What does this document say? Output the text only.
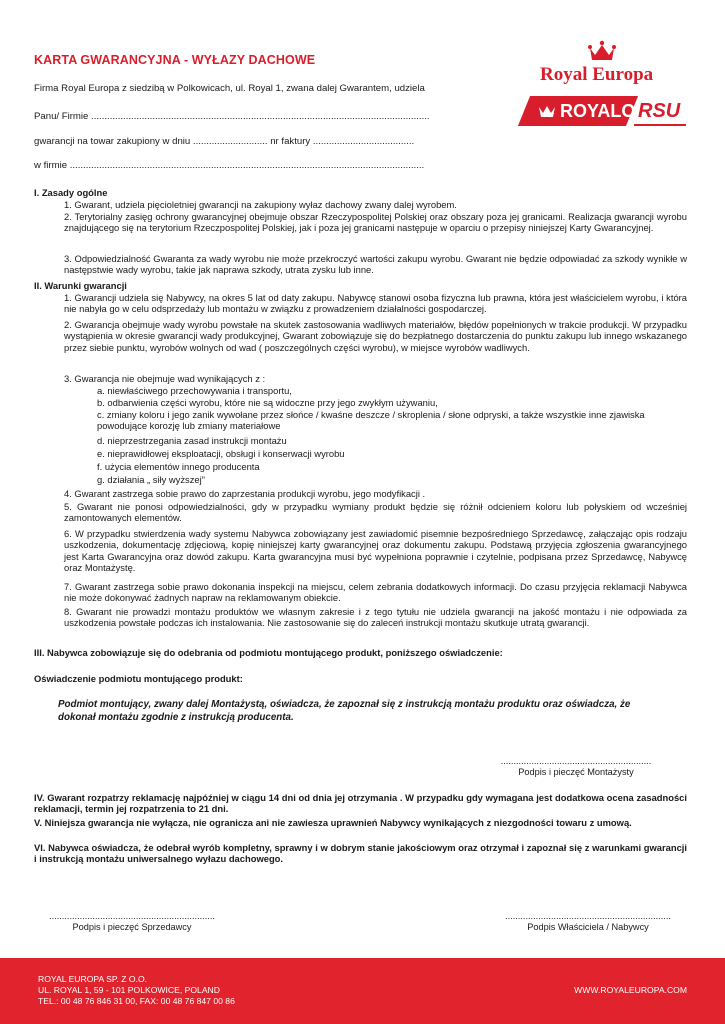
KARTA GWARANCYJNA - WYŁAZY DACHOWE
Royal Europa
ROYALO RSU
Firma Royal Europa z siedzibą w Polkowicach, ul. Royal 1, zwana dalej Gwarantem, udziela
Panu/ Firmie ...............................................................................................................................
gwarancji na towar zakupiony w dniu ............................ nr faktury ......................................
w firmie .....................................................................................................................................
I. Zasady ogólne
1. Gwarant, udziela pięcioletniej gwarancji na zakupiony wyłaz dachowy zwany dalej wyrobem.
2. Terytorialny zasięg ochrony gwarancyjnej obejmuje obszar Rzeczypospolitej Polskiej oraz obszary poza jej granicami. Realizacja gwarancji wyrobu znajdującego się na terytorium Rzeczpospolitej Polskiej, jak i poza jej granicami następuje w oparciu o przepisy niniejszej Karty Gwarancyjnej.
3. Odpowiedzialność Gwaranta za wady wyrobu nie może przekroczyć wartości zakupu wyrobu. Gwarant nie będzie odpowiadać za szkody wynikłe w następstwie wady wyrobu, takie jak naprawa szkody, utrata zysku lub inne.
II. Warunki gwarancji
1. Gwarancji udziela się Nabywcy, na okres 5 lat od daty zakupu. Nabywcę stanowi osoba fizyczna lub prawna, która jest właścicielem wyrobu, i która nie nabyła go w celu odsprzedaży lub montażu w związku z prowadzeniem działalności gospodarczej.
2. Gwarancja obejmuje wady wyrobu powstałe na skutek zastosowania wadliwych materiałów, błędów popełnionych w trakcie produkcji. W przypadku wystąpienia w okresie gwarancji wady produkcyjnej, Gwarant zobowiązuje się do bezpłatnego dostarczenia do punktu zakupu lub innego wskazanego przez siebie punktu, wyrobów wolnych od wad ( poszczególnych części wyrobu), w miejsce wyrobów wadliwych.
3. Gwarancja nie obejmuje wad wynikających z :
a. niewłaściwego przechowywania i transportu,
b. odbarwienia części wyrobu, które nie są widoczne przy jego zwykłym używaniu,
c. zmiany koloru i jego zanik wywołane przez słońce / kwaśne deszcze / skroplenia / słone odpryski, a także wszystkie inne zjawiska powodujące korozję lub zmiany materiałowe
d. nieprzestrzegania zasad instrukcji montażu
e. nieprawidłowej eksploatacji, obsługi i konserwacji wyrobu
f. użycia elementów innego producenta
g. działania „ siły wyższej”
4. Gwarant zastrzega sobie prawo do zaprzestania produkcji wyrobu, jego modyfikacji .
5. Gwarant nie ponosi odpowiedzialności, gdy w przypadku wymiany produkt będzie się różnił odcieniem koloru lub połyskiem od wcześniej zamontowanych elementów.
6. W przypadku stwierdzenia wady systemu Nabywca zobowiązany jest zawiadomić pisemnie bezpośredniego Sprzedawcę, załączając opis rodzaju uszkodzenia, dokumentację zdjęciową, kopię niniejszej karty gwarancyjnej oraz dokumentu zakupu. Podstawą przyjęcia zgłoszenia gwarancyjnego jest Karta Gwarancyjna oraz dowód zakupu. Karta gwarancyjna musi być wypełniona poprawnie i czytelnie, podpisana przez Sprzedawcę, Nabywcę oraz Montażystę.
7. Gwarant zastrzega sobie prawo dokonania inspekcji na miejscu, celem zebrania dodatkowych informacji. Do czasu przyjęcia reklamacji Nabywca nie może dokonywać żadnych napraw na reklamowanym obiekcie.
8. Gwarant nie prowadzi montażu produktów we własnym zakresie i z tego tytułu nie udziela gwarancji na jakość montażu i nie odpowiada za uszkodzenia powstałe podczas ich instalowania. Nie zastosowanie się do zaleceń instrukcji montażu skutkuje utratą gwarancji.
III. Nabywca zobowiązuje się do odebrania od podmiotu montującego produkt, poniższego oświadczenie:
Oświadczenie podmiotu montującego produkt:
Podmiot montujący, zwany dalej Montażystą, oświadcza, że zapoznał się z instrukcją montażu produktu oraz oświadcza, że dokonał montażu zgodnie z instrukcją producenta.
...........................................................
Podpis i pieczęć Montażysty
IV. Gwarant rozpatrzy reklamację najpóźniej w ciągu 14 dni od dnia jej otrzymania . W przypadku gdy wymagana jest dodatkowa ocena zasadności reklamacji, termin jej rozpatrzenia to 21 dni.
V. Niniejsza gwarancja nie wyłącza, nie ogranicza ani nie zawiesza uprawnień Nabywcy wynikających z niezgodności towaru z umową.
VI. Nabywca oświadcza, że odebrał wyrób kompletny, sprawny i w dobrym stanie jakościowym oraz otrzymał i zapoznał się z warunkami gwarancji i instrukcją montażu uniwersalnego wyłazu dachowego.
.................................................................
Podpis i pieczęć Sprzedawcy
.................................................................
Podpis Właściciela / Nabywcy
ROYAL EUROPA SP. Z O.O.
UL. ROYAL 1, 59 - 101 POLKOWICE, POLAND
TEL.: 00 48 76 846 31 00, FAX: 00 48 76 847 00 86
WWW.ROYALEUROPA.COM
